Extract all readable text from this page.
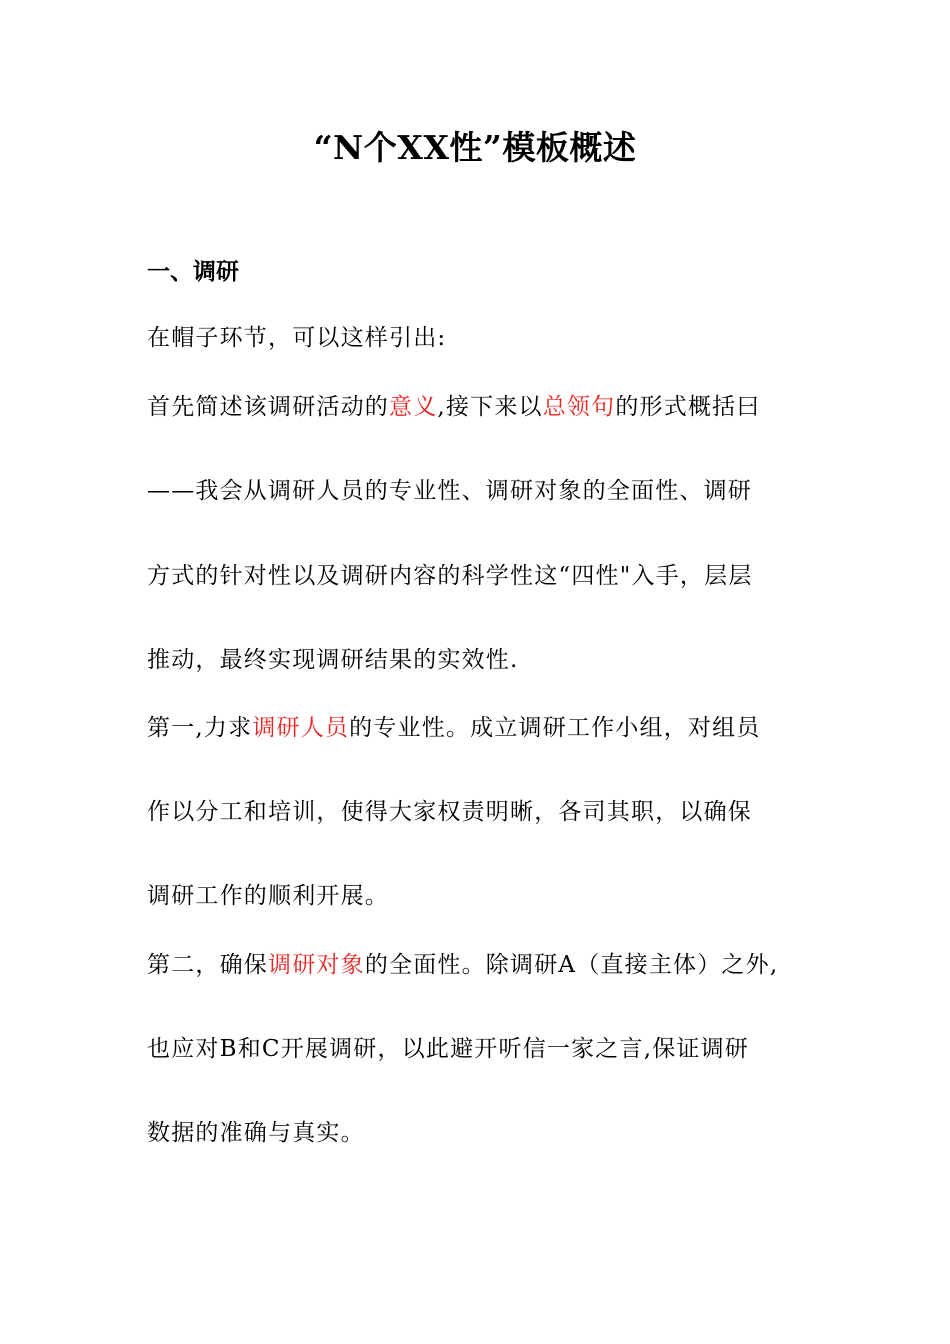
“N个XX性”模板概述
一、调研
在帽子环节，可以这样引出:
首先简述该调研活动的意义,接下来以总领句的形式概括曰
——我会从调研人员的专业性、调研对象的全面性、调研
方式的针对性以及调研内容的科学性这“四性"入手，层层
推动，最终实现调研结果的实效性.
第一,力求调研人员的专业性。成立调研工作小组，对组员
作以分工和培训，使得大家权责明晰，各司其职，以确保
调研工作的顺利开展。
第二，确保调研对象的全面性。除调研A（直接主体）之外,
也应对B和C开展调研，以此避开听信一家之言,保证调研
数据的准确与真实。
